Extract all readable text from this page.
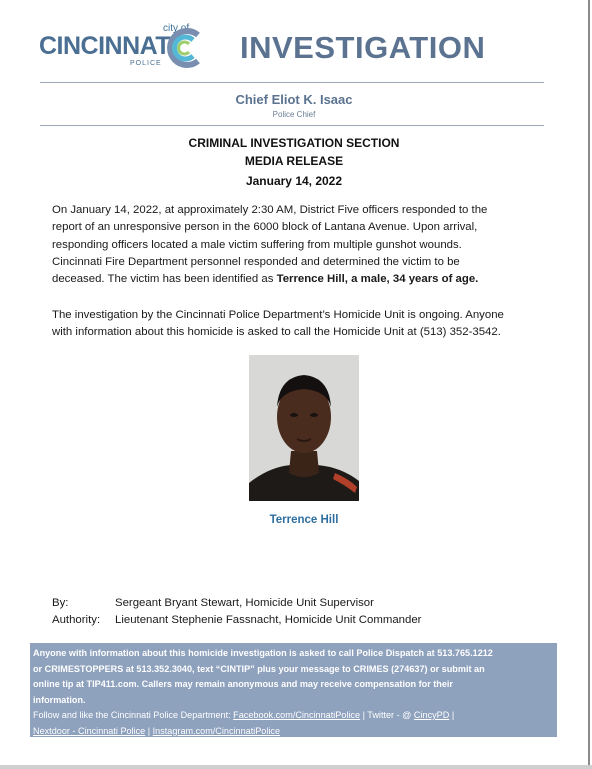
city of
CINCINNATI
POLICE	INVESTIGATION
Chief Eliot K. Isaac
Police Chief
CRIMINAL INVESTIGATION SECTION
MEDIA RELEASE
January 14, 2022
On January 14, 2022, at approximately 2:30 AM, District Five officers responded to the
report of an unresponsive person in the 6000 block of Lantana Avenue. Upon arrival,
responding officers located a male victim suffering from multiple gunshot wounds.
Cincinnati Fire Department personnel responded and determined the victim to be
deceased. The victim has been identified as Terrence Hill, a male, 34 years of age.
The investigation by the Cincinnati Police Department’s Homicide Unit is ongoing. Anyone
with information about this homicide is asked to call the Homicide Unit at (513) 352-3542.
Terrence Hill
By:	Sergeant Bryant Stewart, Homicide Unit Supervisor
Authority: Lieutenant Stephenie Fassnacht, Homicide Unit Commander
Anyone with information about this homicide investigation is asked to call Police Dispatch at 513.765.1212
or CRIMESTOPPERS at 513.352.3040, text “CINTIP” plus your message to CRIMES (274637) or submit an
online tip at TIP411.com. Callers may remain anonymous and may receive compensation for their
information.
Follow and like the Cincinnati Police Department: Facebook.com/CincinnatiPolice | Twitter - @ CincyPD |
Nextdoor - Cincinnati Police | Instagram.com/CincinnatiPolice
